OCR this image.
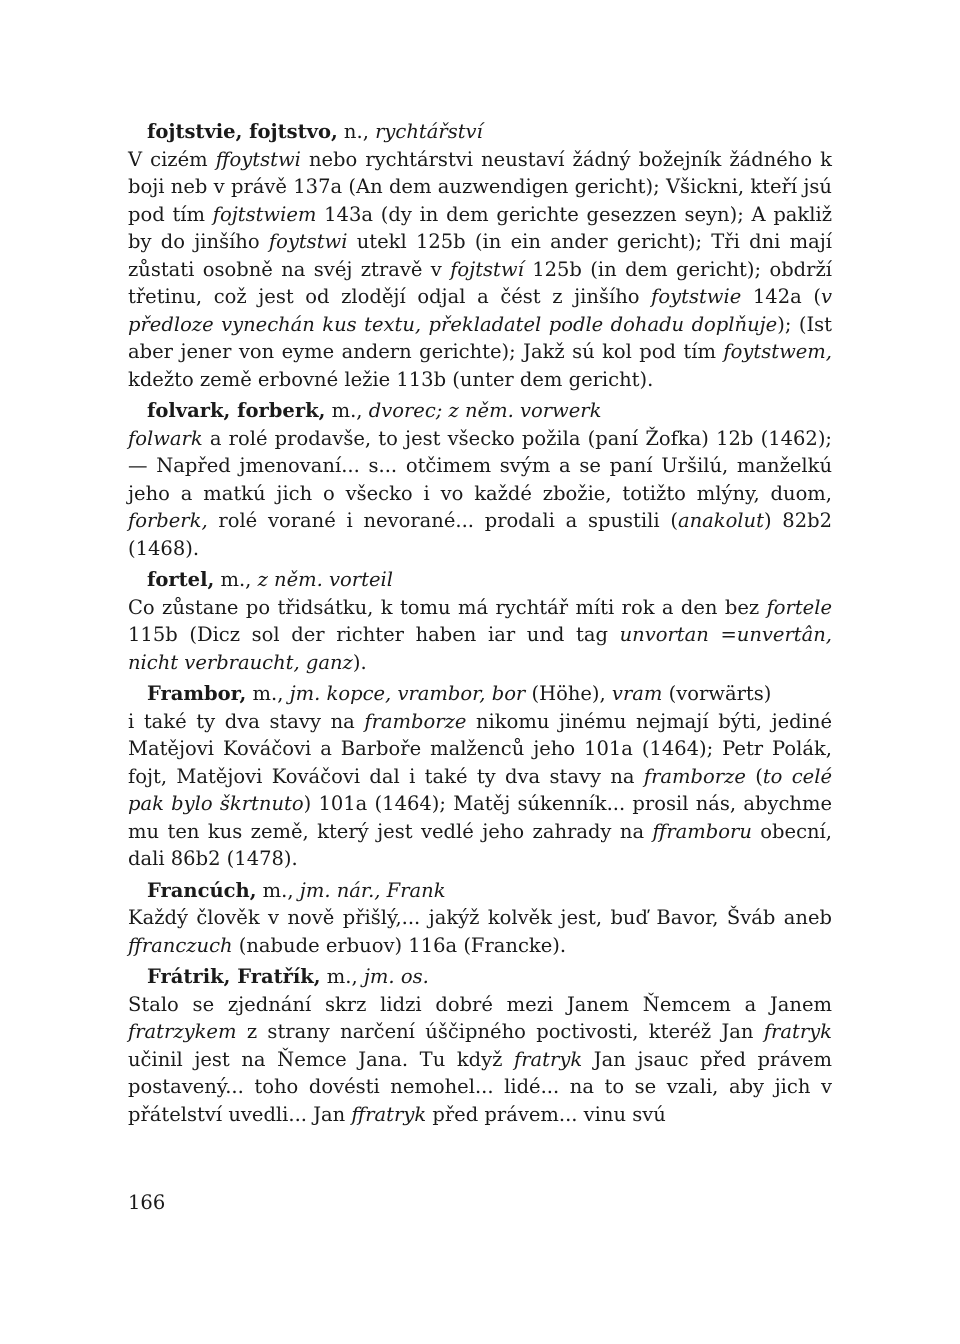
fojtstvie, fojtstvo, n., rychtářství
V cizém ffoytstwi nebo rychtárstvi neustaví žádný božejník žádného k boji neb v právě 137a (An dem auzwendigen gericht); Všickni, kteří jsú pod tím fojtstwiem 143a (dy in dem gerichte gesezzen seyn); A pakliž by do jinšího foytstwi utekl 125b (in ein ander gericht); Tři dni mají zůstati osobně na svéj ztravě v fojtstwí 125b (in dem gericht); obdrží třetinu, což jest od zlodějí odjal a čést z jinšího foytstwie 142a (v předloze vynechán kus textu, překladatel podle dohadu doplňuje); (Ist aber jener von eyme andern gerichte); Jakž sú kol pod tím foytstwem, kdežto země erbovné ležie 113b (unter dem gericht).
folvark, forberk, m., dvorec; z něm. vorwerk
folwark a rolé prodavše, to jest všecko požila (paní Žofka) 12b (1462); — Napřed jmenovaní... s... otčimem svým a se paní Uršilú, manželkú jeho a matkú jich o všecko i vo každé zbožie, totižto mlýny, duom, forberk, rolé vorané i nevorané... prodali a spustili (anakolut) 82b2 (1468).
fortel, m., z něm. vorteil
Co zůstane po třidsátku, k tomu má rychtář míti rok a den bez fortele 115b (Dicz sol der richter haben iar und tag unvortan =unvertân, nicht verbraucht, ganz).
Frambor, m., jm. kopce, vrambor, bor (Höhe), vram (vorwärts)
i také ty dva stavy na framborze nikomu jinému nejmají býti, jediné Matějovi Kováčovi a Barboře malženců jeho 101a (1464); Petr Polák, fojt, Matějovi Kováčovi dal i také ty dva stavy na framborze (to celé pak bylo škrtnuto) 101a (1464); Matěj súkenník... prosil nás, abychme mu ten kus země, který jest vedlé jeho zahrady na fframboru obecní, dali 86b2 (1478).
Francúch, m., jm. nár., Frank
Každý člověk v nově přišlý,... jakýž kolvěk jest, buď Bavor, Šváb aneb ffranczuch (nabude erbuov) 116a (Francke).
Frátrik, Fratřík, m., jm. os.
Stalo se zjednání skrz lidzi dobré mezi Janem Ňemcem a Janem fratrzykem z strany narčení úščipného poctivosti, kteréž Jan fratryk učinil jest na Ňemce Jana. Tu když fratryk Jan jsauc před právem postavený... toho dovésti nemohel... lidé... na to se vzali, aby jich v přátelství uvedli... Jan ffratryk před právem... vinu svú
166
